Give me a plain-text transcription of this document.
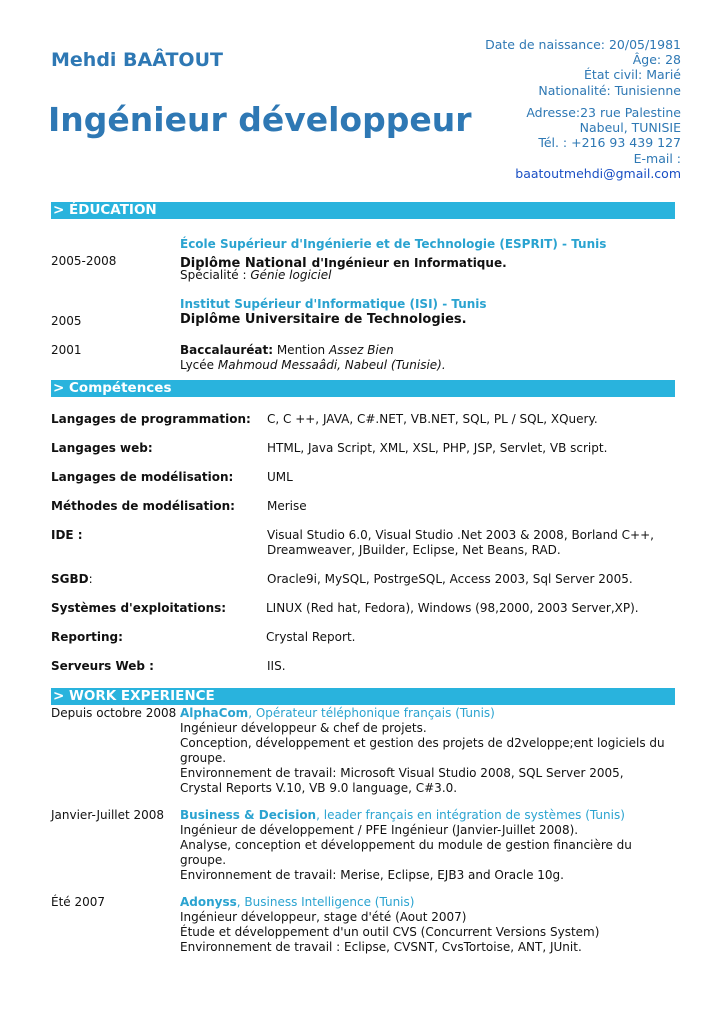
Mehdi BAÂTOUT
Ingénieur développeur
Date de naissance: 20/05/1981
Âge: 28
État civil: Marié
Nationalité: Tunisienne
Adresse:23 rue Palestine
Nabeul, TUNISIE
Tél. : +216 93 439 127
E-mail :
baatoutmehdi@gmail.com
> ÉDUCATION
École Supérieur d'Ingénierie et de Technologie (ESPRIT) - Tunis
2005-2008	Diplôme National d'Ingénieur en Informatique.
Spécialité : Génie logiciel
Institut Supérieur d'Informatique (ISI) - Tunis
2005	Diplôme Universitaire de Technologies.
2001	Baccalauréat: Mention Assez Bien
Lycée Mahmoud Messaâdi, Nabeul (Tunisie).
> Compétences
Langages de programmation: C, C ++, JAVA, C#.NET, VB.NET, SQL, PL / SQL, XQuery.
Langages web:	HTML, Java Script, XML, XSL, PHP, JSP, Servlet, VB script.
Langages de modélisation:	UML
Méthodes de modélisation:	Merise
IDE :	Visual Studio 6.0, Visual Studio .Net 2003 & 2008, Borland C++,
Dreamweaver, JBuilder, Eclipse, Net Beans, RAD.
SGBD:	Oracle9i, MySQL, PostrgeSQL, Access 2003, Sql Server 2005.
Systèmes d'exploitations:	LINUX (Red hat, Fedora), Windows (98,2000, 2003 Server,XP).
Reporting:	Crystal Report.
Serveurs Web :	IIS.
> WORK EXPERIENCE
Depuis octobre 2008 AlphaCom, Opérateur téléphonique français (Tunis)
Ingénieur développeur & chef de projets.
Conception, développement et gestion des projets de d2veloppe;ent logiciels du
groupe.
Environnement de travail: Microsoft Visual Studio 2008, SQL Server 2005,
Crystal Reports V.10, VB 9.0 language, C#3.0.
Janvier-Juillet 2008 Business & Decision, leader français en intégration de systèmes (Tunis)
Ingénieur de développement / PFE Ingénieur (Janvier-Juillet 2008).
Analyse, conception et développement du module de gestion financière du
groupe.
Environnement de travail: Merise, Eclipse, EJB3 and Oracle 10g.
Été 2007	Adonyss, Business Intelligence (Tunis)
Ingénieur développeur, stage d'été (Aout 2007)
Étude et développement d'un outil CVS (Concurrent Versions System)
Environnement de travail : Eclipse, CVSNT, CvsTortoise, ANT, JUnit.
